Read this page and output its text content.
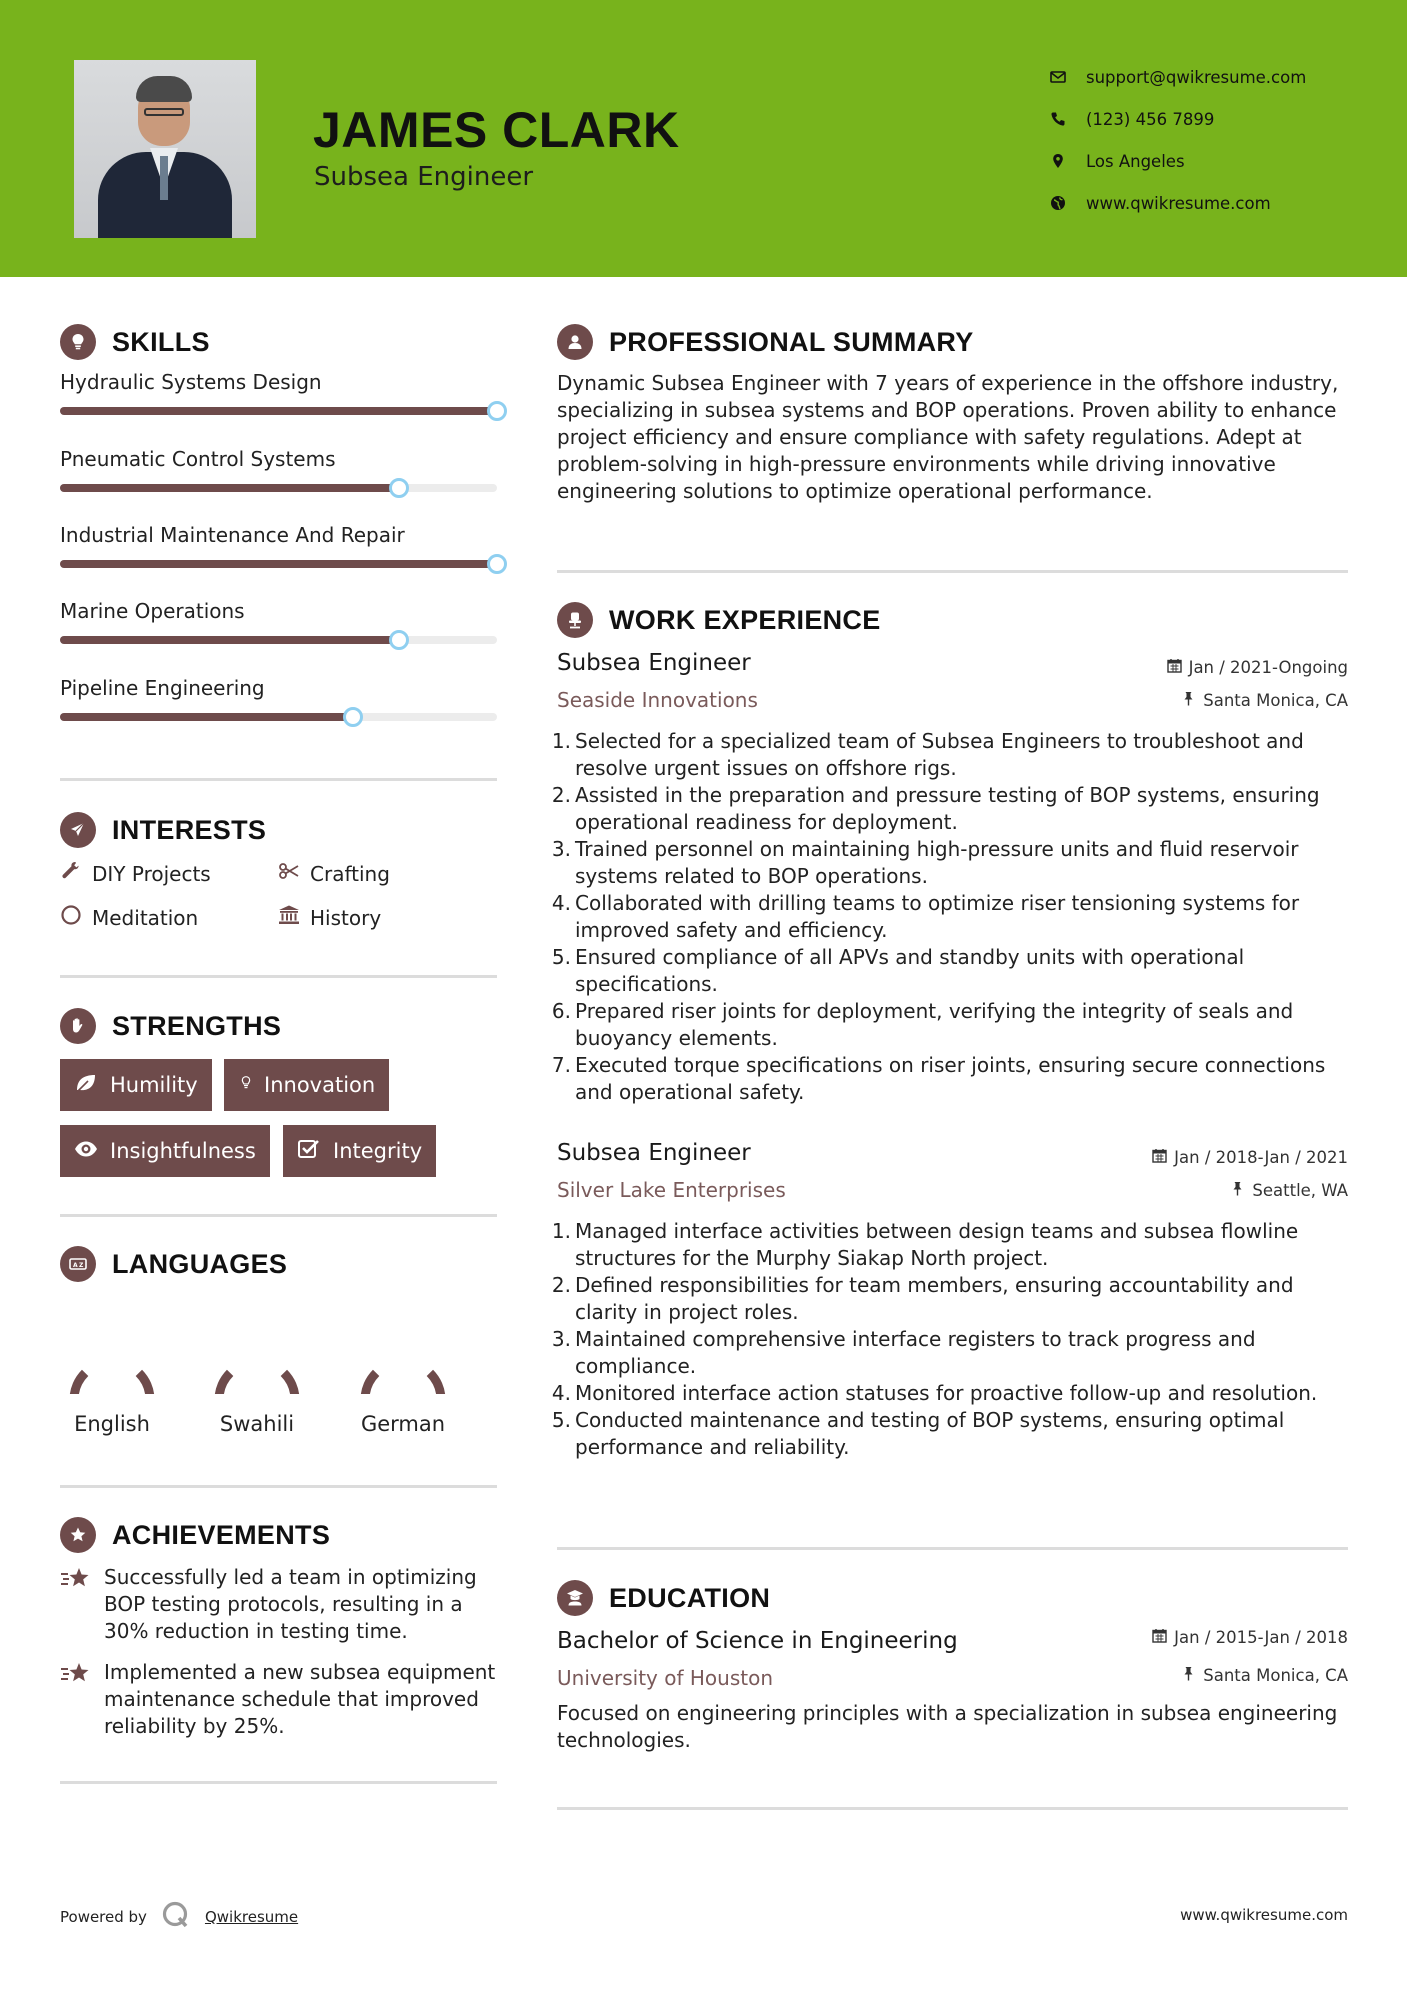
JAMES CLARK
Subsea Engineer
support@qwikresume.com
(123) 456 7899
Los Angeles
www.qwikresume.com
SKILLS
Hydraulic Systems Design
Pneumatic Control Systems
Industrial Maintenance And Repair
Marine Operations
Pipeline Engineering
INTERESTS
DIY Projects	Crafting
Meditation	History
STRENGTHS
Humility	Innovation
Insightfulness	Integrity
A Z LANGUAGES
English	Swahili	German
ACHIEVEMENTS
Successfully led a team in optimizing BOP testing protocols, resulting in a 30% reduction in testing time.
Implemented a new subsea equipment maintenance schedule that improved reliability by 25%.
PROFESSIONAL SUMMARY
Dynamic Subsea Engineer with 7 years of experience in the offshore industry, specializing in subsea systems and BOP operations. Proven ability to enhance project efficiency and ensure compliance with safety regulations. Adept at problem-solving in high-pressure environments while driving innovative engineering solutions to optimize operational performance.
WORK EXPERIENCE
Subsea Engineer	Jan / 2021-Ongoing
Seaside Innovations	Santa Monica, CA
1. Selected for a specialized team of Subsea Engineers to troubleshoot and resolve urgent issues on offshore rigs.
2. Assisted in the preparation and pressure testing of BOP systems, ensuring operational readiness for deployment.
3. Trained personnel on maintaining high-pressure units and fluid reservoir systems related to BOP operations.
4. Collaborated with drilling teams to optimize riser tensioning systems for improved safety and efficiency.
5. Ensured compliance of all APVs and standby units with operational specifications.
6. Prepared riser joints for deployment, verifying the integrity of seals and buoyancy elements.
7. Executed torque specifications on riser joints, ensuring secure connections and operational safety.
Subsea Engineer	Jan / 2018-Jan / 2021
Silver Lake Enterprises	Seattle, WA
1. Managed interface activities between design teams and subsea flowline structures for the Murphy Siakap North project.
2. Defined responsibilities for team members, ensuring accountability and clarity in project roles.
3. Maintained comprehensive interface registers to track progress and compliance.
4. Monitored interface action statuses for proactive follow-up and resolution.
5. Conducted maintenance and testing of BOP systems, ensuring optimal performance and reliability.
EDUCATION
Bachelor of Science in Engineering	Jan / 2015-Jan / 2018
University of Houston	Santa Monica, CA
Focused on engineering principles with a specialization in subsea engineering technologies.
Powered by	Qwikresume	www.qwikresume.com
